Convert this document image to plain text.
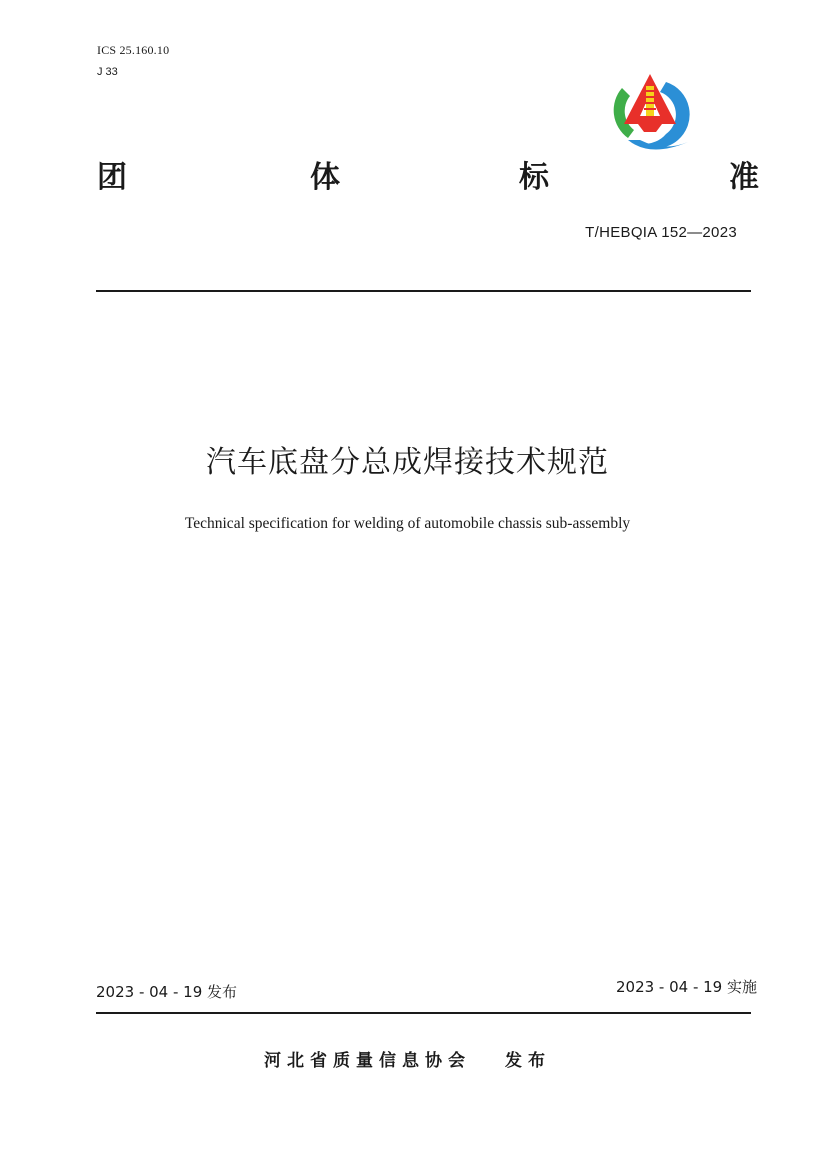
ICS 25.160.10
J 33
团	体	标	准
T/HEBQIA 152—2023
汽车底盘分总成焊接技术规范
Technical specification for welding of automobile chassis sub-assembly
2023 - 04 - 19 发布	2023 - 04 - 19 实施
河北省质量信息协会 发布
